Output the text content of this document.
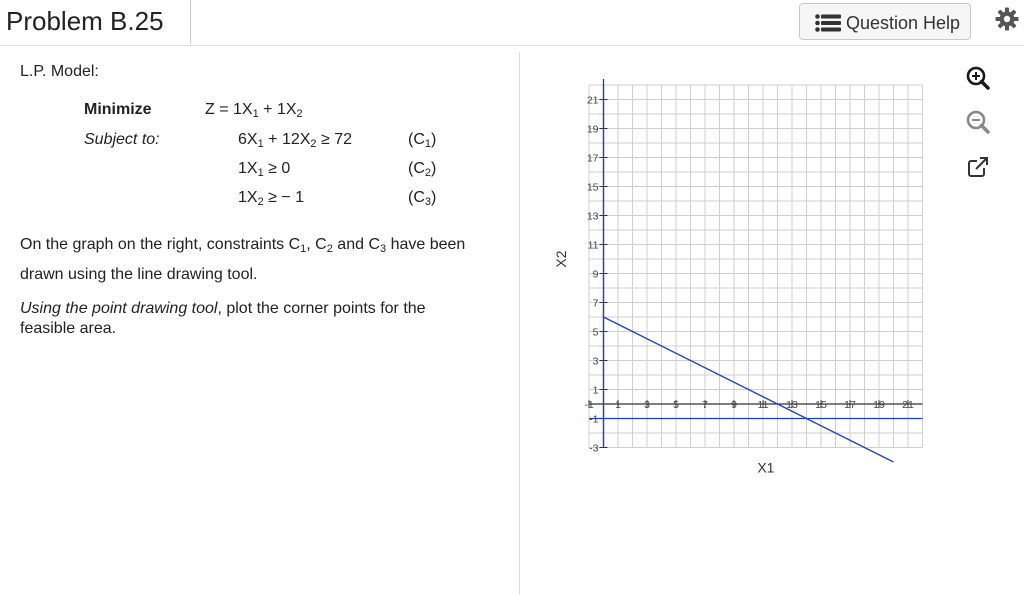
Problem B.25	Question Help
L.P. Model:
Minimize
Subject to:
$Z = 1X_1 + 1X_2$
$6X_1 + 12X_2 \ge 72$
$1X_1 \ge 0$
$1X_2$ ≥ − 1
$(C_1)$
$(C_2)$
$(C_3)$
On the graph on the right, constraints $C_1$, $C_2$ and $C_3$ have been
drawn using the line drawing tool.
Using the point drawing tool, plot the corner points for the
feasible area.
-1 1 3 5 7 9 11 13 15 17 19 21
21
19
17
15
13
11
9
7
5
3
1
-1
-3
X1
X2
